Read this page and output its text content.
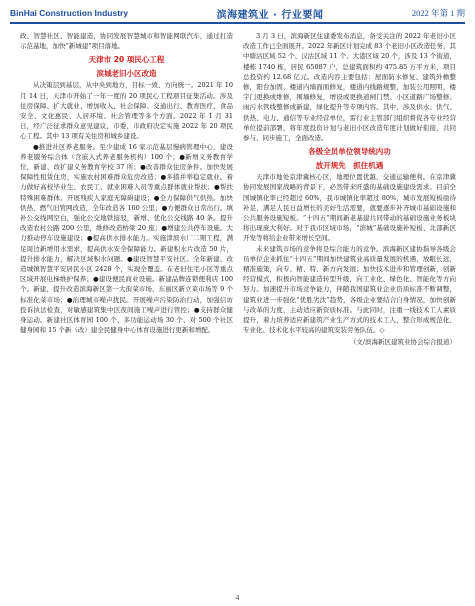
BinHai Construction Industry	滨海建筑业 · 行业要闻	2022 年第 1 期

政、智慧社区、智能建造，协同发展智慧城市和智能网联汽车，通过打造示范基地，加快“新城建”项目落地。

天津市 20 项民心工程
滨城老旧小区改造

从决策层到基层，从中央到地方，目标一致、方向统一。2021 年 10 月 14 日，天津市开始了一年一度的 20 项民心工程项目征集活动。涉及住房保障、扩大就业、增加收入、社会保障、交通出行、教育医疗、食品安全、文化惠民、人居环境、社会管理等多个方面。2022 年 1 月 31 日，经广泛征求群众意见建议，市委、市政府决定实施 2022 年 20 项民心工程。其中 13 项有关住房和城乡建设。

●推进社区养老服务。至少建成 16 家示范基层慢病管理中心，建设养老服务综合体（含嵌入式养老服务机构）100 个；●新增义务教育学位，新建、改扩建义务教育学校 37 所；●改善群众住房条件。加快发展保障性租赁住房，实施农村困难群众危房改造；●多措并举稳定就业。着力做好高校毕业生、农民工、就业困难人员等重点群体就业帮扶；●帮扶特殊困难群体。开展残疾人家庭无障碍建设；●全力保障供气供热。加快供热、燃气旧管网改造，全年改造各 100 公里；●方便群众日常出行。填补公交线网空白，强化公交地铁接驳，新增、优化公交线路 40 条。提升改造农村公路 200 公里，维修改造桥梁 20 座；●增建公共停车设施。大力推动停车设施建设；●提高供水排水能力。实施津滨水厂二期工程，满足周边新增用水需求，提高供水安全保障能力。新建积水片改造 50 片，提升排水能力，解决区域积水问题。●建设智慧平安社区。全年新建、改造城镇智慧平安居民小区 2428 个，实现全覆盖。在老旧住宅小区等重点区域开展电梯维护保养；●建设便民商业设施。新建品牌连锁便利店 100 个。新建、提升改造滨海新区第一大街菜市场、东丽区新立菜市场等 9 个标准化菜市场；●治理城市噪声扰民。开展噪声污染防治行动，加强信访投诉执法检查，对敏感建筑集中区夜间施工噪声进行管控；●支持群众健身运动。新建社区体育园 100 个、多功能运动场 30 个、对 500 个社区健身园和 15 个新（改）建全民健身中心体育设施进行更新和增配。

3 月 3 日，滨海新区住建委发布消息，备受关注的 2022 年老旧小区改造工作已全面展开。2022 年新区计划完成 83 个老旧小区改造任务，其中塘沽区域 52 个、汉沽区域 11 个、大港区域 20 个，涉及 13 个街道，楼栋 1740 栋，居民 65087 户，总建筑面积约 475.85 万平方米，项目总投资约 12.68 亿元。改造内容主要包括：屋面防水修复、建筑外檐整修，阳台加固、楼道内墙面面修复，楼道内线路规整，加装公用照明，楼宇门更换或维修，围墙修复，增设或更换道闸门禁、小区道路广场整修、雨污水管线整修或新建，绿化提升等专项内容。其中，涉及供水、供气、供热、电力、通信等专业经营单位，雷行业主管部门组织督促各专业经营单位提前部署，将年度投资计划与老旧小区改造年度计划做好衔接，共同参与、同步施工，全面改造。

各级全员单位领导统内功
放开规先　抓住机遇

天津市地处京津冀核心区，地理位置优越，交通运输便利。在京津冀协同发展国家战略的背景下，必然带来旺盛的基础设施建设需求。目前全国城镇化率已经超过 60%，我市城镇化率超过 80%，城市发展短板亟待补足，满足人民日益增长的美好生活需要，就要逐步补齐城市基础设施和公共服务设施短板。“十四五”期间新老基建共同带动的基础设施业务板块将出现庞大利好。对于我市区域市场，“滨城”基础设施补短板、北部新区开发等将给企业带来增长空间。

未来建筑市场的竞争将是综合能力的竞争。滨海新区建协指导各级会员单位企业抓住“十四五”期间加快建筑业高质量发展的机遇，放眼长远，精准施策，向专、精、特、新方向发展；加快技术进步和管理创新，创新经营模式，积极向智能建造转型升级，向工业化、绿色化、智能化等方向努力。加速提升市场竞争能力，伴随我国建筑业企业资质标准不断调整，建筑业进一步强化“优胜劣汰”趋势，各级企业要结合自身情况，加快创新与改革的力度，主动适应新资质标准。与此同时，注重一线技术工人素质提升，着力培养适应新建筑产业生产方式的技术工人，整合形成规范化、专业化、技术化水平较高的建筑安装劳务队伍。◇

（文/滨海新区建筑业协会综合报道）

4
